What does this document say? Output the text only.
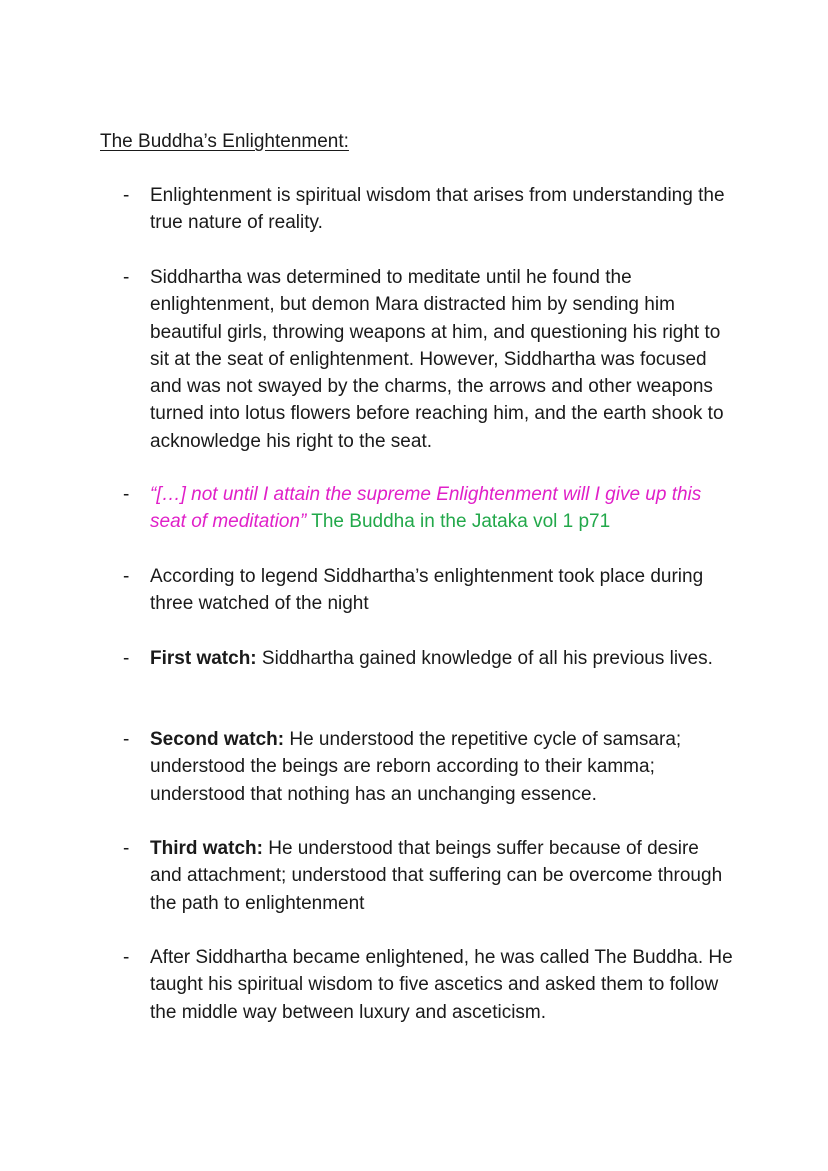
The Buddha’s Enlightenment:
- Enlightenment is spiritual wisdom that arises from understanding the true nature of reality.
- Siddhartha was determined to meditate until he found the enlightenment, but demon Mara distracted him by sending him beautiful girls, throwing weapons at him, and questioning his right to sit at the seat of enlightenment. However, Siddhartha was focused and was not swayed by the charms, the arrows and other weapons turned into lotus flowers before reaching him, and the earth shook to acknowledge his right to the seat.
- “[…] not until I attain the supreme Enlightenment will I give up this seat of meditation” The Buddha in the Jataka vol 1 p71
- According to legend Siddhartha’s enlightenment took place during three watched of the night
- First watch: Siddhartha gained knowledge of all his previous lives.
- Second watch: He understood the repetitive cycle of samsara; understood the beings are reborn according to their kamma; understood that nothing has an unchanging essence.
- Third watch: He understood that beings suffer because of desire and attachment; understood that suffering can be overcome through the path to enlightenment
- After Siddhartha became enlightened, he was called The Buddha. He taught his spiritual wisdom to five ascetics and asked them to follow the middle way between luxury and asceticism.
